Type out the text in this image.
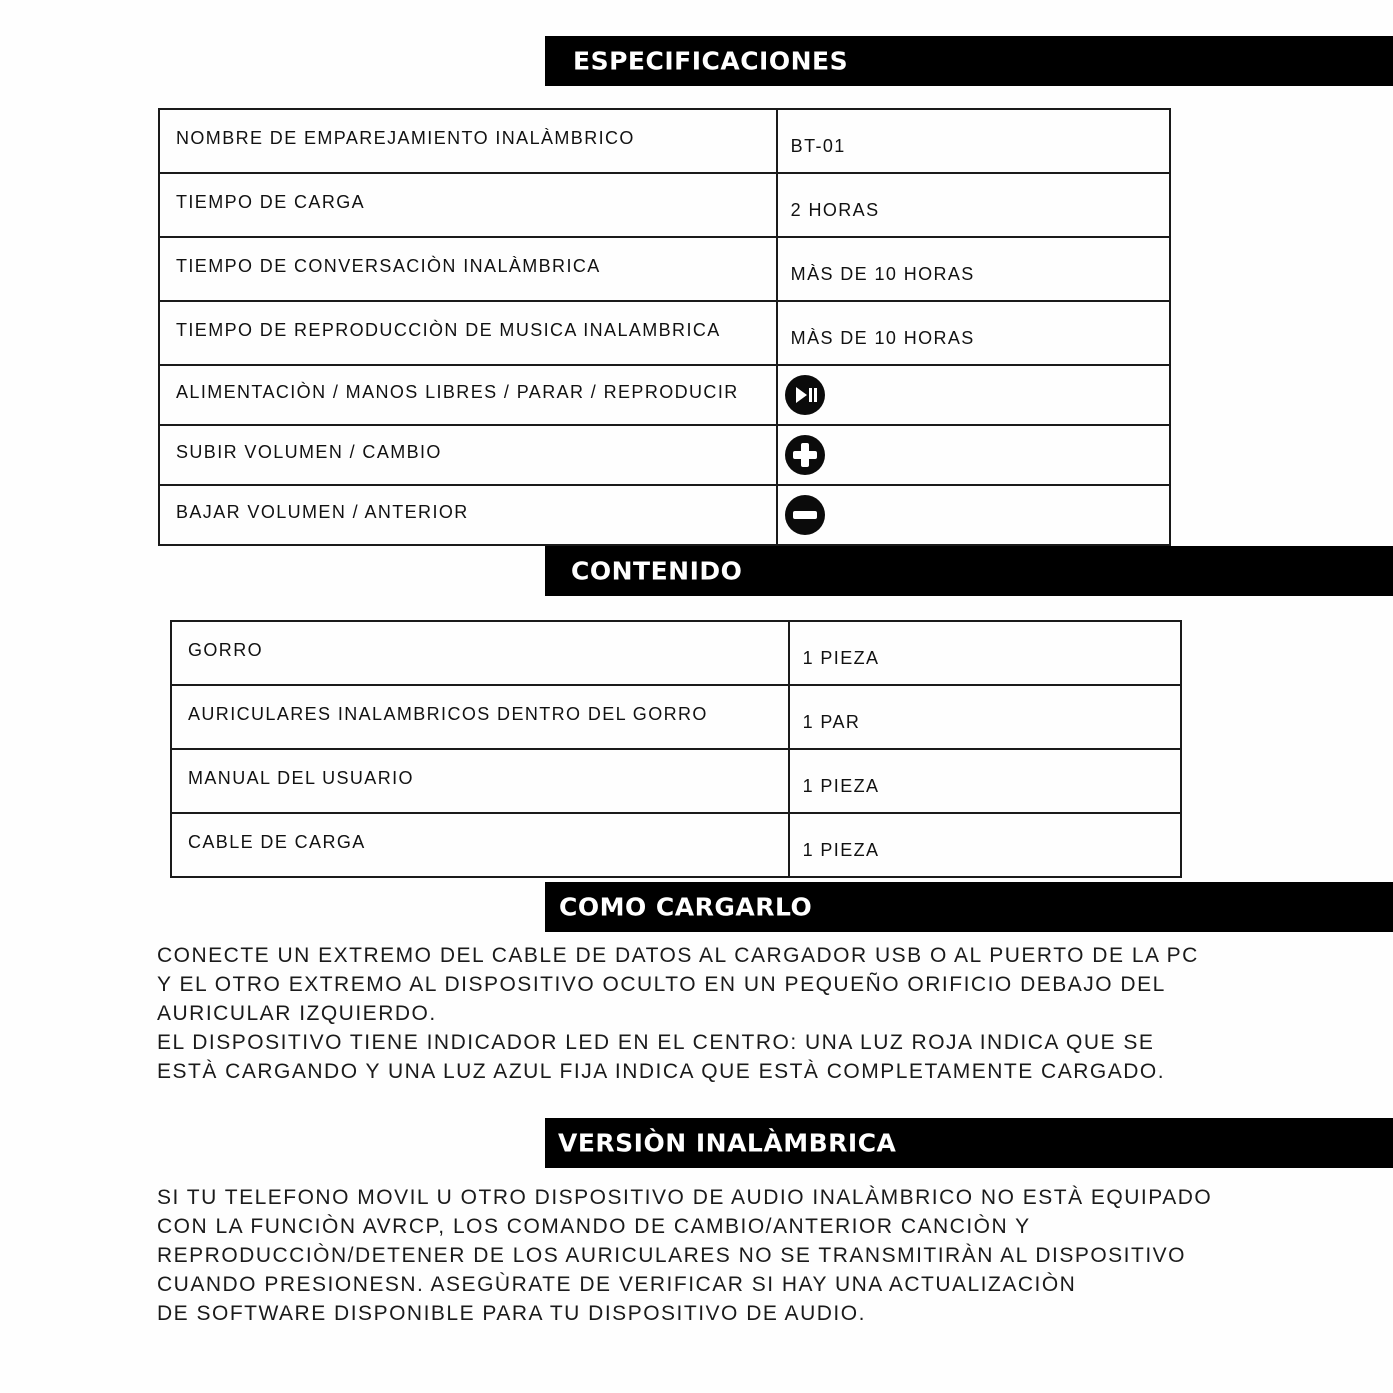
ESPECIFICACIONES
NOMBRE DE EMPAREJAMIENTO INALÀMBRICO	BT-01
TIEMPO DE CARGA	2 HORAS
TIEMPO DE CONVERSACIÒN INALÀMBRICA	MÀS DE 10 HORAS
TIEMPO DE REPRODUCCIÒN DE MUSICA INALAMBRICA	MÀS DE 10 HORAS
ALIMENTACIÒN / MANOS LIBRES / PARAR / REPRODUCIR	

SUBIR VOLUMEN / CAMBIO	

BAJAR VOLUMEN / ANTERIOR	
CONTENIDO
GORRO	1 PIEZA
AURICULARES INALAMBRICOS DENTRO DEL GORRO	1 PAR
MANUAL DEL USUARIO	1 PIEZA
CABLE DE CARGA	1 PIEZA
COMO CARGARLO
CONECTE UN EXTREMO DEL CABLE DE DATOS AL CARGADOR USB O AL PUERTO DE LA PC
Y EL OTRO EXTREMO AL DISPOSITIVO OCULTO EN UN PEQUEÑO ORIFICIO DEBAJO DEL
AURICULAR IZQUIERDO.
EL DISPOSITIVO TIENE INDICADOR LED EN EL CENTRO: UNA LUZ ROJA INDICA QUE SE
ESTÀ CARGANDO Y UNA LUZ AZUL FIJA INDICA QUE ESTÀ COMPLETAMENTE CARGADO.
VERSIÒN INALÀMBRICA
SI TU TELEFONO MOVIL U OTRO DISPOSITIVO DE AUDIO INALÀMBRICO NO ESTÀ EQUIPADO
CON LA FUNCIÒN AVRCP, LOS COMANDO DE CAMBIO/ANTERIOR CANCIÒN Y
REPRODUCCIÒN/DETENER DE LOS AURICULARES NO SE TRANSMITIRÀN AL DISPOSITIVO
CUANDO PRESIONESN. ASEGÙRATE DE VERIFICAR SI HAY UNA ACTUALIZACIÒN
DE SOFTWARE DISPONIBLE PARA TU DISPOSITIVO DE AUDIO.
